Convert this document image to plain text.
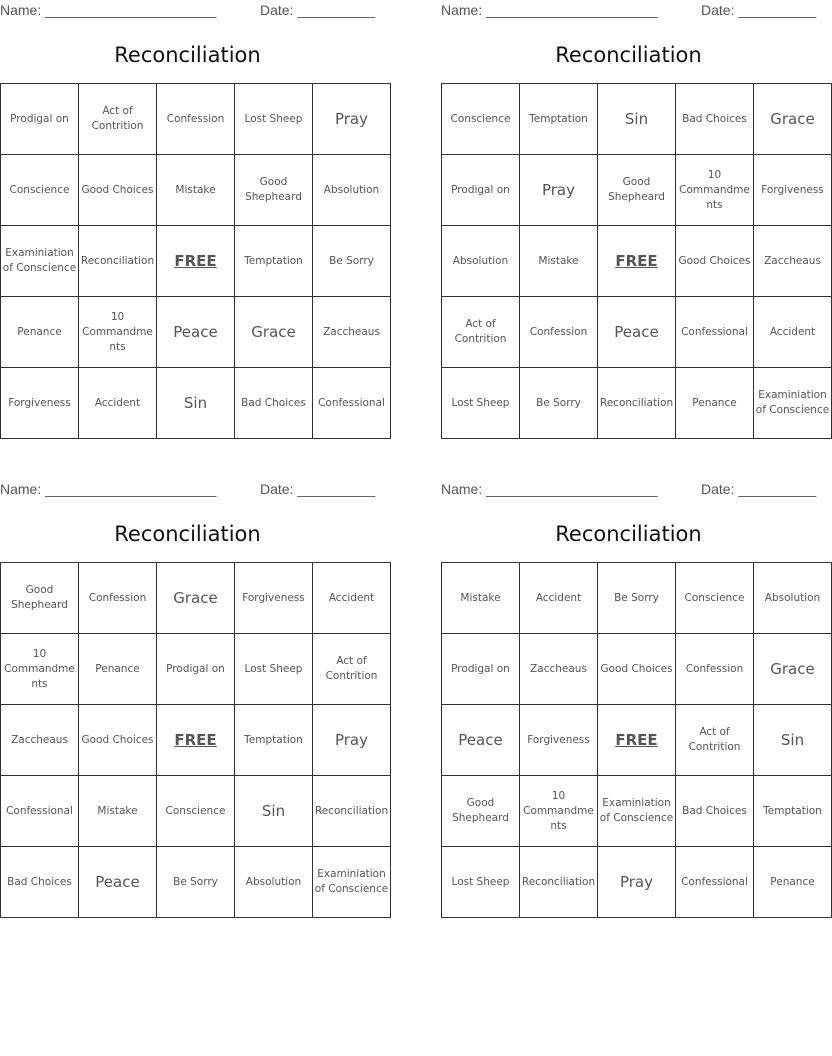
Name: ______________________	Date: __________
Reconciliation
Prodigal on	Act of Contrition	Confession	Lost Sheep	Pray
Conscience	Good Choices	Mistake	Good Shepheard	Absolution
Examiniation of Conscience	Reconciliation	FREE	Temptation	Be Sorry
Penance	10 Commandments	Peace	Grace	Zaccheaus
Forgiveness	Accident	Sin	Bad Choices	Confessional
Name: ______________________	Date: __________
Reconciliation
Conscience	Temptation	Sin	Bad Choices	Grace
Prodigal on	Pray	Good Shepheard	10 Commandments	Forgiveness
Absolution	Mistake	FREE	Good Choices	Zaccheaus
Act of Contrition	Confession	Peace	Confessional	Accident
Lost Sheep	Be Sorry	Reconciliation	Penance	Examiniation of Conscience
Name: ______________________	Date: __________
Reconciliation
Good Shepheard	Confession	Grace	Forgiveness	Accident
10 Commandments	Penance	Prodigal on	Lost Sheep	Act of Contrition
Zaccheaus	Good Choices	FREE	Temptation	Pray
Confessional	Mistake	Conscience	Sin	Reconciliation
Bad Choices	Peace	Be Sorry	Absolution	Examiniation of Conscience
Name: ______________________	Date: __________
Reconciliation
Mistake	Accident	Be Sorry	Conscience	Absolution
Prodigal on	Zaccheaus	Good Choices	Confession	Grace
Peace	Forgiveness	FREE	Act of Contrition	Sin
Good Shepheard	10 Commandments	Examiniation of Conscience	Bad Choices	Temptation
Lost Sheep	Reconciliation	Pray	Confessional	Penance
